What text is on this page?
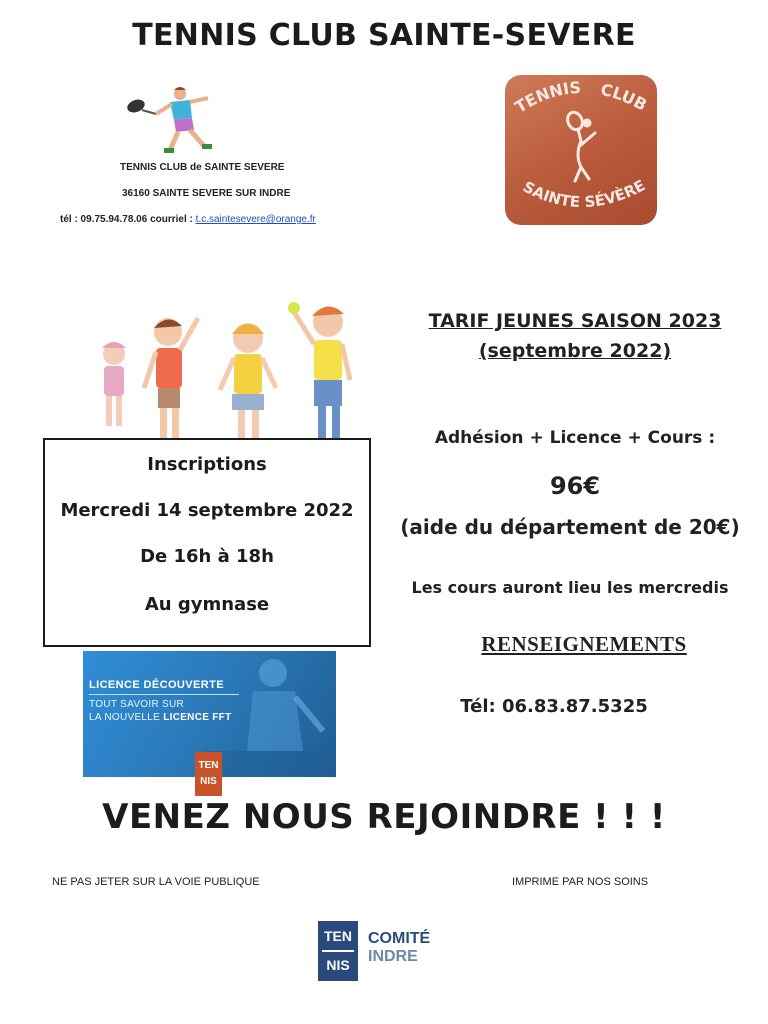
TENNIS CLUB SAINTE-SEVERE
TENNIS CLUB de SAINTE SEVERE
36160 SAINTE SEVERE SUR INDRE
tél : 09.75.94.78.06 courriel : t.c.saintesevere@orange.fr
TENNIS CLUB
SAINTE SÉVÈRE
TARIF JEUNES SAISON 2023
(septembre 2022)
Inscriptions
Mercredi 14 septembre 2022
De 16h à 18h
Au gymnase
Adhésion + Licence + Cours :
96€
(aide du département de 20€)
Les cours auront lieu les mercredis
RENSEIGNEMENTS
Tél: 06.83.87.5325
LICENCE DÉCOUVERTE
TOUT SAVOIR SUR
LA NOUVELLE LICENCE FFT
TEN
NIS
VENEZ NOUS REJOINDRE ! ! !
NE PAS JETER SUR LA VOIE PUBLIQUE	IMPRIME PAR NOS SOINS
TEN
NIS
COMITÉ
INDRE
